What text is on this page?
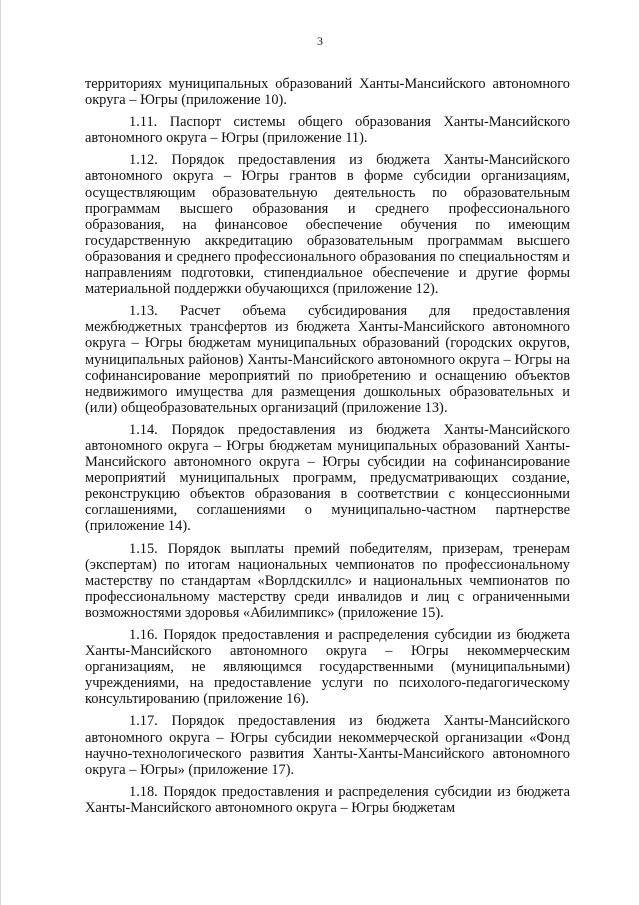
3

территориях муниципальных образований Ханты-Мансийского автономного округа – Югры (приложение 10).

1.11. Паспорт системы общего образования Ханты-Мансийского автономного округа – Югры (приложение 11).

1.12. Порядок предоставления из бюджета Ханты-Мансийского автономного округа – Югры грантов в форме субсидии организациям, осуществляющим образовательную деятельность по образовательным программам высшего образования и среднего профессионального образования, на финансовое обеспечение обучения по имеющим государственную аккредитацию образовательным программам высшего образования и среднего профессионального образования по специальностям и направлениям подготовки, стипендиальное обеспечение и другие формы материальной поддержки обучающихся (приложение 12).

1.13. Расчет объема субсидирования для предоставления межбюджетных трансфертов из бюджета Ханты-Мансийского автономного округа – Югры бюджетам муниципальных образований (городских округов, муниципальных районов) Ханты-Мансийского автономного округа – Югры на софинансирование мероприятий по приобретению и оснащению объектов недвижимого имущества для размещения дошкольных образовательных и (или) общеобразовательных организаций (приложение 13).

1.14. Порядок предоставления из бюджета Ханты-Мансийского автономного округа – Югры бюджетам муниципальных образований Ханты-Мансийского автономного округа – Югры субсидии на софинансирование мероприятий муниципальных программ, предусматривающих создание, реконструкцию объектов образования в соответствии с концессионными соглашениями, соглашениями о муниципально-частном партнерстве (приложение 14).

1.15. Порядок выплаты премий победителям, призерам, тренерам (экспертам) по итогам национальных чемпионатов по профессиональному мастерству по стандартам «Ворлдскиллс» и национальных чемпионатов по профессиональному мастерству среди инвалидов и лиц с ограниченными возможностями здоровья «Абилимпикс» (приложение 15).

1.16. Порядок предоставления и распределения субсидии из бюджета Ханты-Мансийского автономного округа – Югры некоммерческим организациям, не являющимся государственными (муниципальными) учреждениями, на предоставление услуги по психолого-педагогическому консультированию (приложение 16).

1.17. Порядок предоставления из бюджета Ханты-Мансийского автономного округа – Югры субсидии некоммерческой организации «Фонд научно-технологического развития Ханты-Ханты-Мансийского автономного округа – Югры» (приложение 17).

1.18. Порядок предоставления и распределения субсидии из бюджета Ханты-Мансийского автономного округа – Югры бюджетам
